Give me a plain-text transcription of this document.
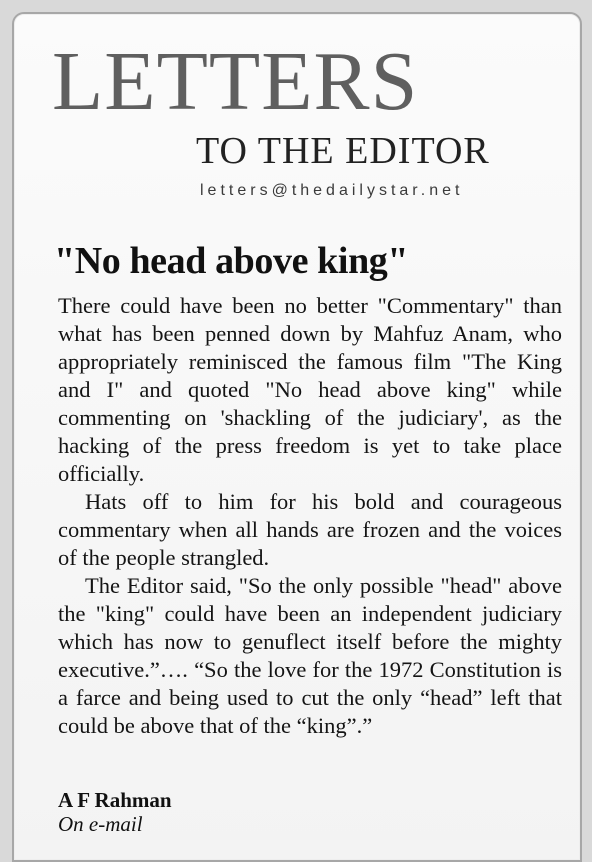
LETTERS
TO THE EDITOR
letters@thedailystar.net
"No head above king"

There could have been no better "Commentary" than what has been penned down by Mahfuz Anam, who appropriately reminisced the famous film "The King and I" and quoted "No head above king" while commenting on 'shackling of the judiciary', as the hacking of the press freedom is yet to take place officially.

Hats off to him for his bold and courageous commentary when all hands are frozen and the voices of the people strangled.

The Editor said, "So the only possible "head" above the "king" could have been an independent judiciary which has now to genuflect itself before the mighty executive.”…. “So the love for the 1972 Constitution is a farce and being used to cut the only “head” left that could be above that of the “king”.”

A F Rahman
On e-mail
